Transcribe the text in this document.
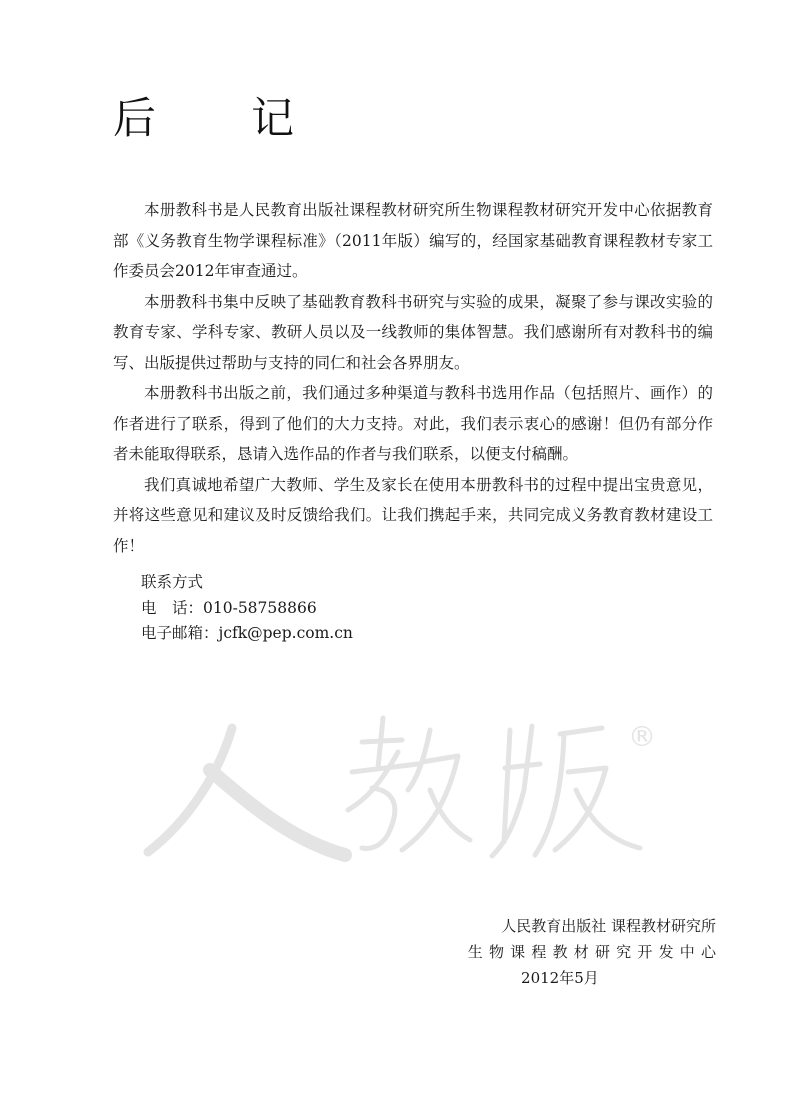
后　记

本册教科书是人民教育出版社课程教材研究所生物课程教材研究开发中心依据教育部《义务教育生物学课程标准》（2011年版）编写的，经国家基础教育课程教材专家工作委员会2012年审查通过。

本册教科书集中反映了基础教育教科书研究与实验的成果，凝聚了参与课改实验的教育专家、学科专家、教研人员以及一线教师的集体智慧。我们感谢所有对教科书的编写、出版提供过帮助与支持的同仁和社会各界朋友。

本册教科书出版之前，我们通过多种渠道与教科书选用作品（包括照片、画作）的作者进行了联系，得到了他们的大力支持。对此，我们表示衷心的感谢！但仍有部分作者未能取得联系，恳请入选作品的作者与我们联系，以便支付稿酬。

我们真诚地希望广大教师、学生及家长在使用本册教科书的过程中提出宝贵意见，并将这些意见和建议及时反馈给我们。让我们携起手来，共同完成义务教育教材建设工作！

联系方式
电 话： 010-58758866
电子邮箱： jcfk@pep.com.cn
®
人民教育出版社 课程教材研究所
生物课程教材研究开发中心
2012年5月
